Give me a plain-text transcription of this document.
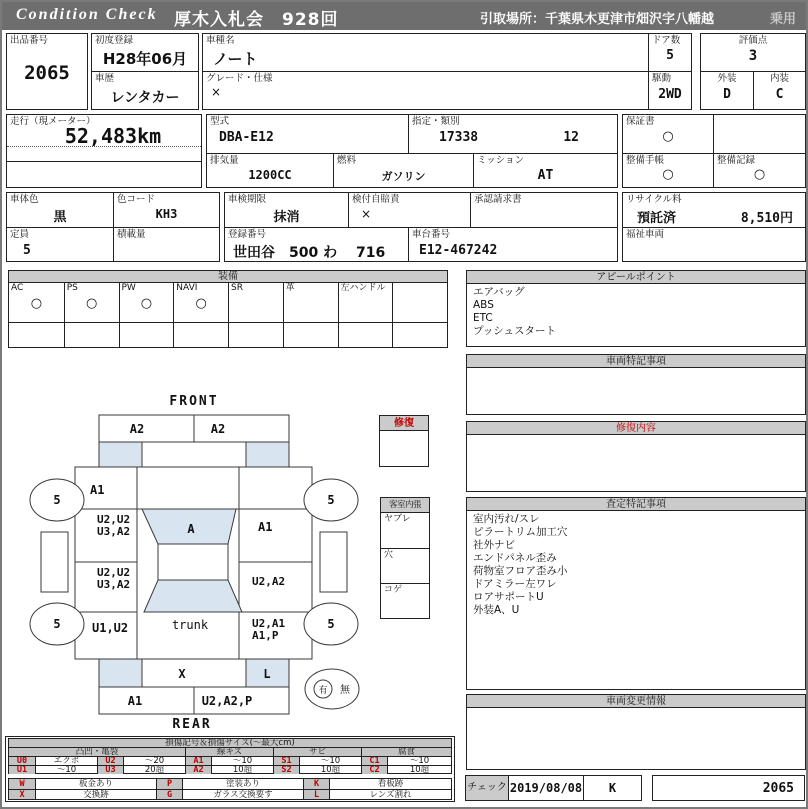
Condition Check 厚木入札会　928回	引取場所：千葉県木更津市畑沢字八幡越	乗用
出品番号
2065
初度登録
H28年06月
車歴
レンタカー
車種名
ノート
グレード・仕様
×
ドア数
5
駆動
2WD
評価点
3
外装
D
内装
C
走行（現メーター）
52,483km
型式
DBA-E12
指定・類別
17338	12
排気量
1200CC
燃料
ガソリン
ミッション
AT
保証書
○
整備手帳
○
整備記録
○
車体色
黒
色コード
KH3
定員
5
積載量
車検期限
抹消
検付自賠責
×
承認請求書
登録番号
世田谷　500 わ　 716
車台番号
E12-467242
リサイクル料
預託済	8,510円
福祉車両
装備
AC
○
PS
○
PW
○
NAVI
○
SR	革	左ハンドル
アピールポイント
エアバッグ
ABS
ETC
プッシュスタート
車両特記事項
修復内容
査定特記事項
室内汚れ/スレ
ピラートリム加工穴
社外ナビ
エンドパネル歪み
荷物室フロア歪み小
ドアミラー左ワレ
ロアサポートU
外装A、U
車両変更情報
チェック 2019/08/08	K	2065
修復
客室内張
ヤブレ
穴
コゲ
FRONT
A2	A2
A1
U2,U2
U3,A2	A	A1
U2,U2
U3,A2	U2,A2
U1,U2	trunk	U2,A1
A1,P
X	L
A1	U2,A2,P
REAR
5	5
5	5
有 無
損傷記号＆損傷サイズ(〜最大cm)
凸凹・亀裂	線キズ	サビ	腐食
U0	エクボ	U2	〜20	A1	〜10	S1	〜10	C1	〜10
U1	〜10	U3	20超	A2	10超	S2	10超	C2	10超
W	板金あり	P	塗装あり	K	看板跡
X	交換跡	G	ガラス交換要す	L	レンズ割れ
